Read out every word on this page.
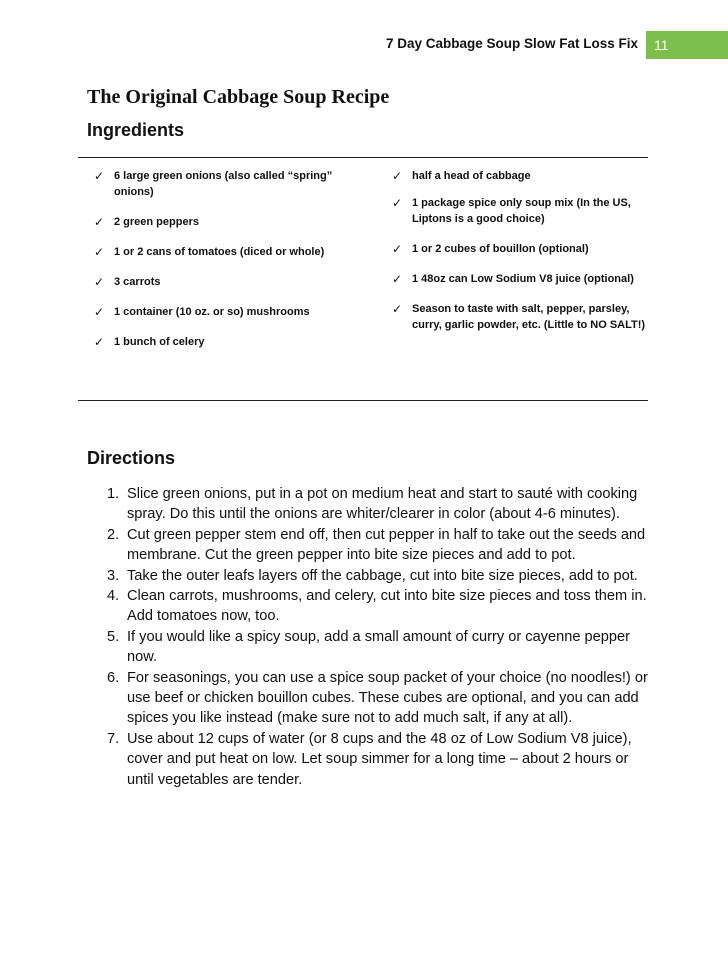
7 Day Cabbage Soup Slow Fat Loss Fix 11
The Original Cabbage Soup Recipe
Ingredients
✓ 6 large green onions (also called “spring” onions)
✓ 2 green peppers
✓ 1 or 2 cans of tomatoes (diced or whole)
✓ 3 carrots
✓ 1 container (10 oz. or so) mushrooms
✓ 1 bunch of celery
✓ half a head of cabbage
✓ 1 package spice only soup mix (In the US, Liptons is a good choice)
✓ 1 or 2 cubes of bouillon (optional)
✓ 1 48oz can Low Sodium V8 juice (optional)
✓ Season to taste with salt, pepper, parsley, curry, garlic powder, etc. (Little to NO SALT!)
Directions
1. Slice green onions, put in a pot on medium heat and start to sauté with cooking spray. Do this until the onions are whiter/clearer in color (about 4-6 minutes).
2. Cut green pepper stem end off, then cut pepper in half to take out the seeds and membrane. Cut the green pepper into bite size pieces and add to pot.
3. Take the outer leafs layers off the cabbage, cut into bite size pieces, add to pot.
4. Clean carrots, mushrooms, and celery, cut into bite size pieces and toss them in. Add tomatoes now, too.
5. If you would like a spicy soup, add a small amount of curry or cayenne pepper now.
6. For seasonings, you can use a spice soup packet of your choice (no noodles!) or use beef or chicken bouillon cubes. These cubes are optional, and you can add spices you like instead (make sure not to add much salt, if any at all).
7. Use about 12 cups of water (or 8 cups and the 48 oz of Low Sodium V8 juice), cover and put heat on low. Let soup simmer for a long time – about 2 hours or until vegetables are tender.
